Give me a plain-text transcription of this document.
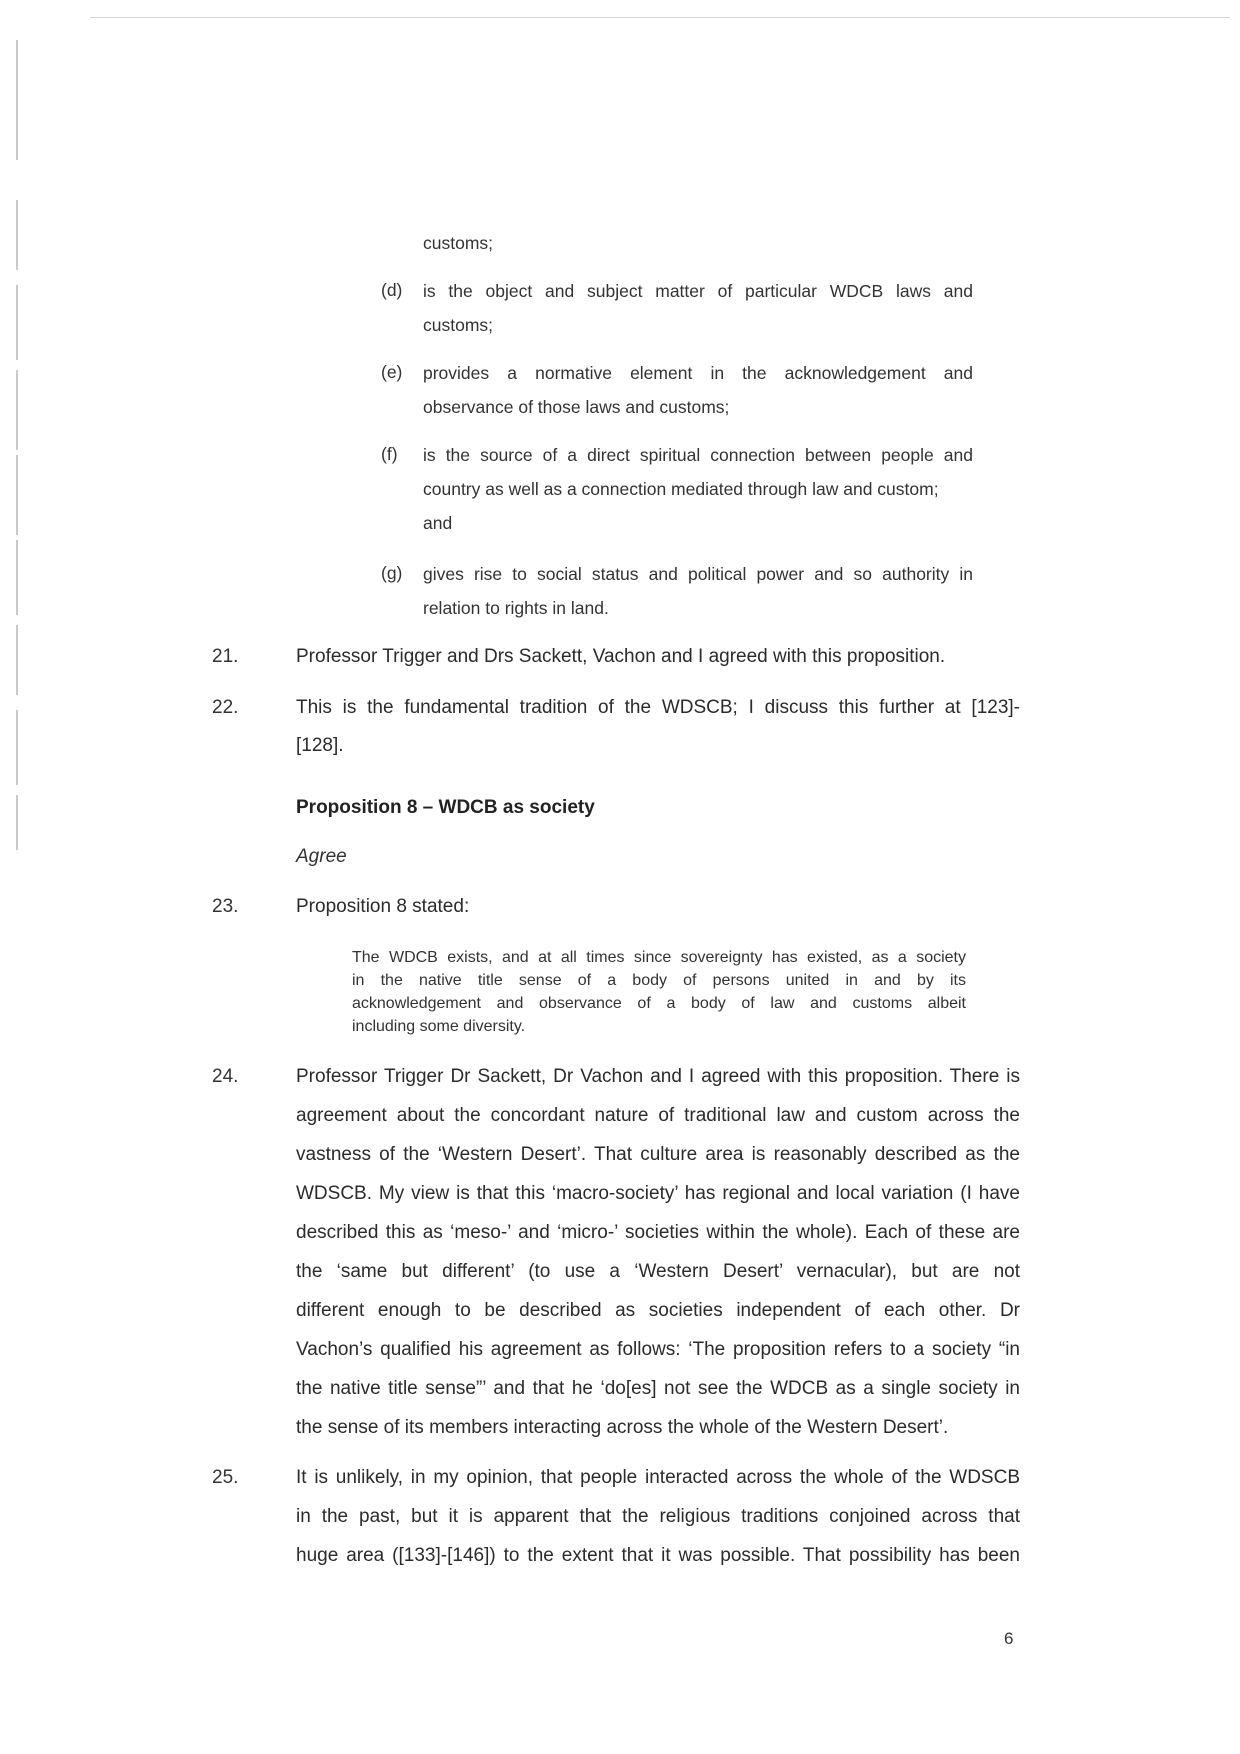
customs;

(d) is the object and subject matter of particular WDCB laws and

customs;

(e) provides a normative element in the acknowledgement and

observance of those laws and customs;

(f) is the source of a direct spiritual connection between people and

country as well as a connection mediated through law and custom;

and

(g) gives rise to social status and political power and so authority in

relation to rights in land.

21.	Professor Trigger and Drs Sackett, Vachon and I agreed with this proposition.

22.	This is the fundamental tradition of the WDSCB; I discuss this further at [123]-

[128].

Proposition 8 – WDCB as society

Agree

23.	Proposition 8 stated:

The WDCB exists, and at all times since sovereignty has existed, as a society

in the native title sense of a body of persons united in and by its

acknowledgement and observance of a body of law and customs albeit

including some diversity.

24.	Professor Trigger Dr Sackett, Dr Vachon and I agreed with this proposition. There is

agreement about the concordant nature of traditional law and custom across the

vastness of the ‘Western Desert’. That culture area is reasonably described as the

WDSCB. My view is that this ‘macro-society’ has regional and local variation (I have

described this as ‘meso-’ and ‘micro-’ societies within the whole). Each of these are

the ‘same but different’ (to use a ‘Western Desert’ vernacular), but are not

different enough to be described as societies independent of each other. Dr

Vachon’s qualified his agreement as follows: ‘The proposition refers to a society “in

the native title sense”’ and that he ‘do[es] not see the WDCB as a single society in

the sense of its members interacting across the whole of the Western Desert’.

25.	It is unlikely, in my opinion, that people interacted across the whole of the WDSCB

in the past, but it is apparent that the religious traditions conjoined across that

huge area ([133]-[146]) to the extent that it was possible. That possibility has been

6
